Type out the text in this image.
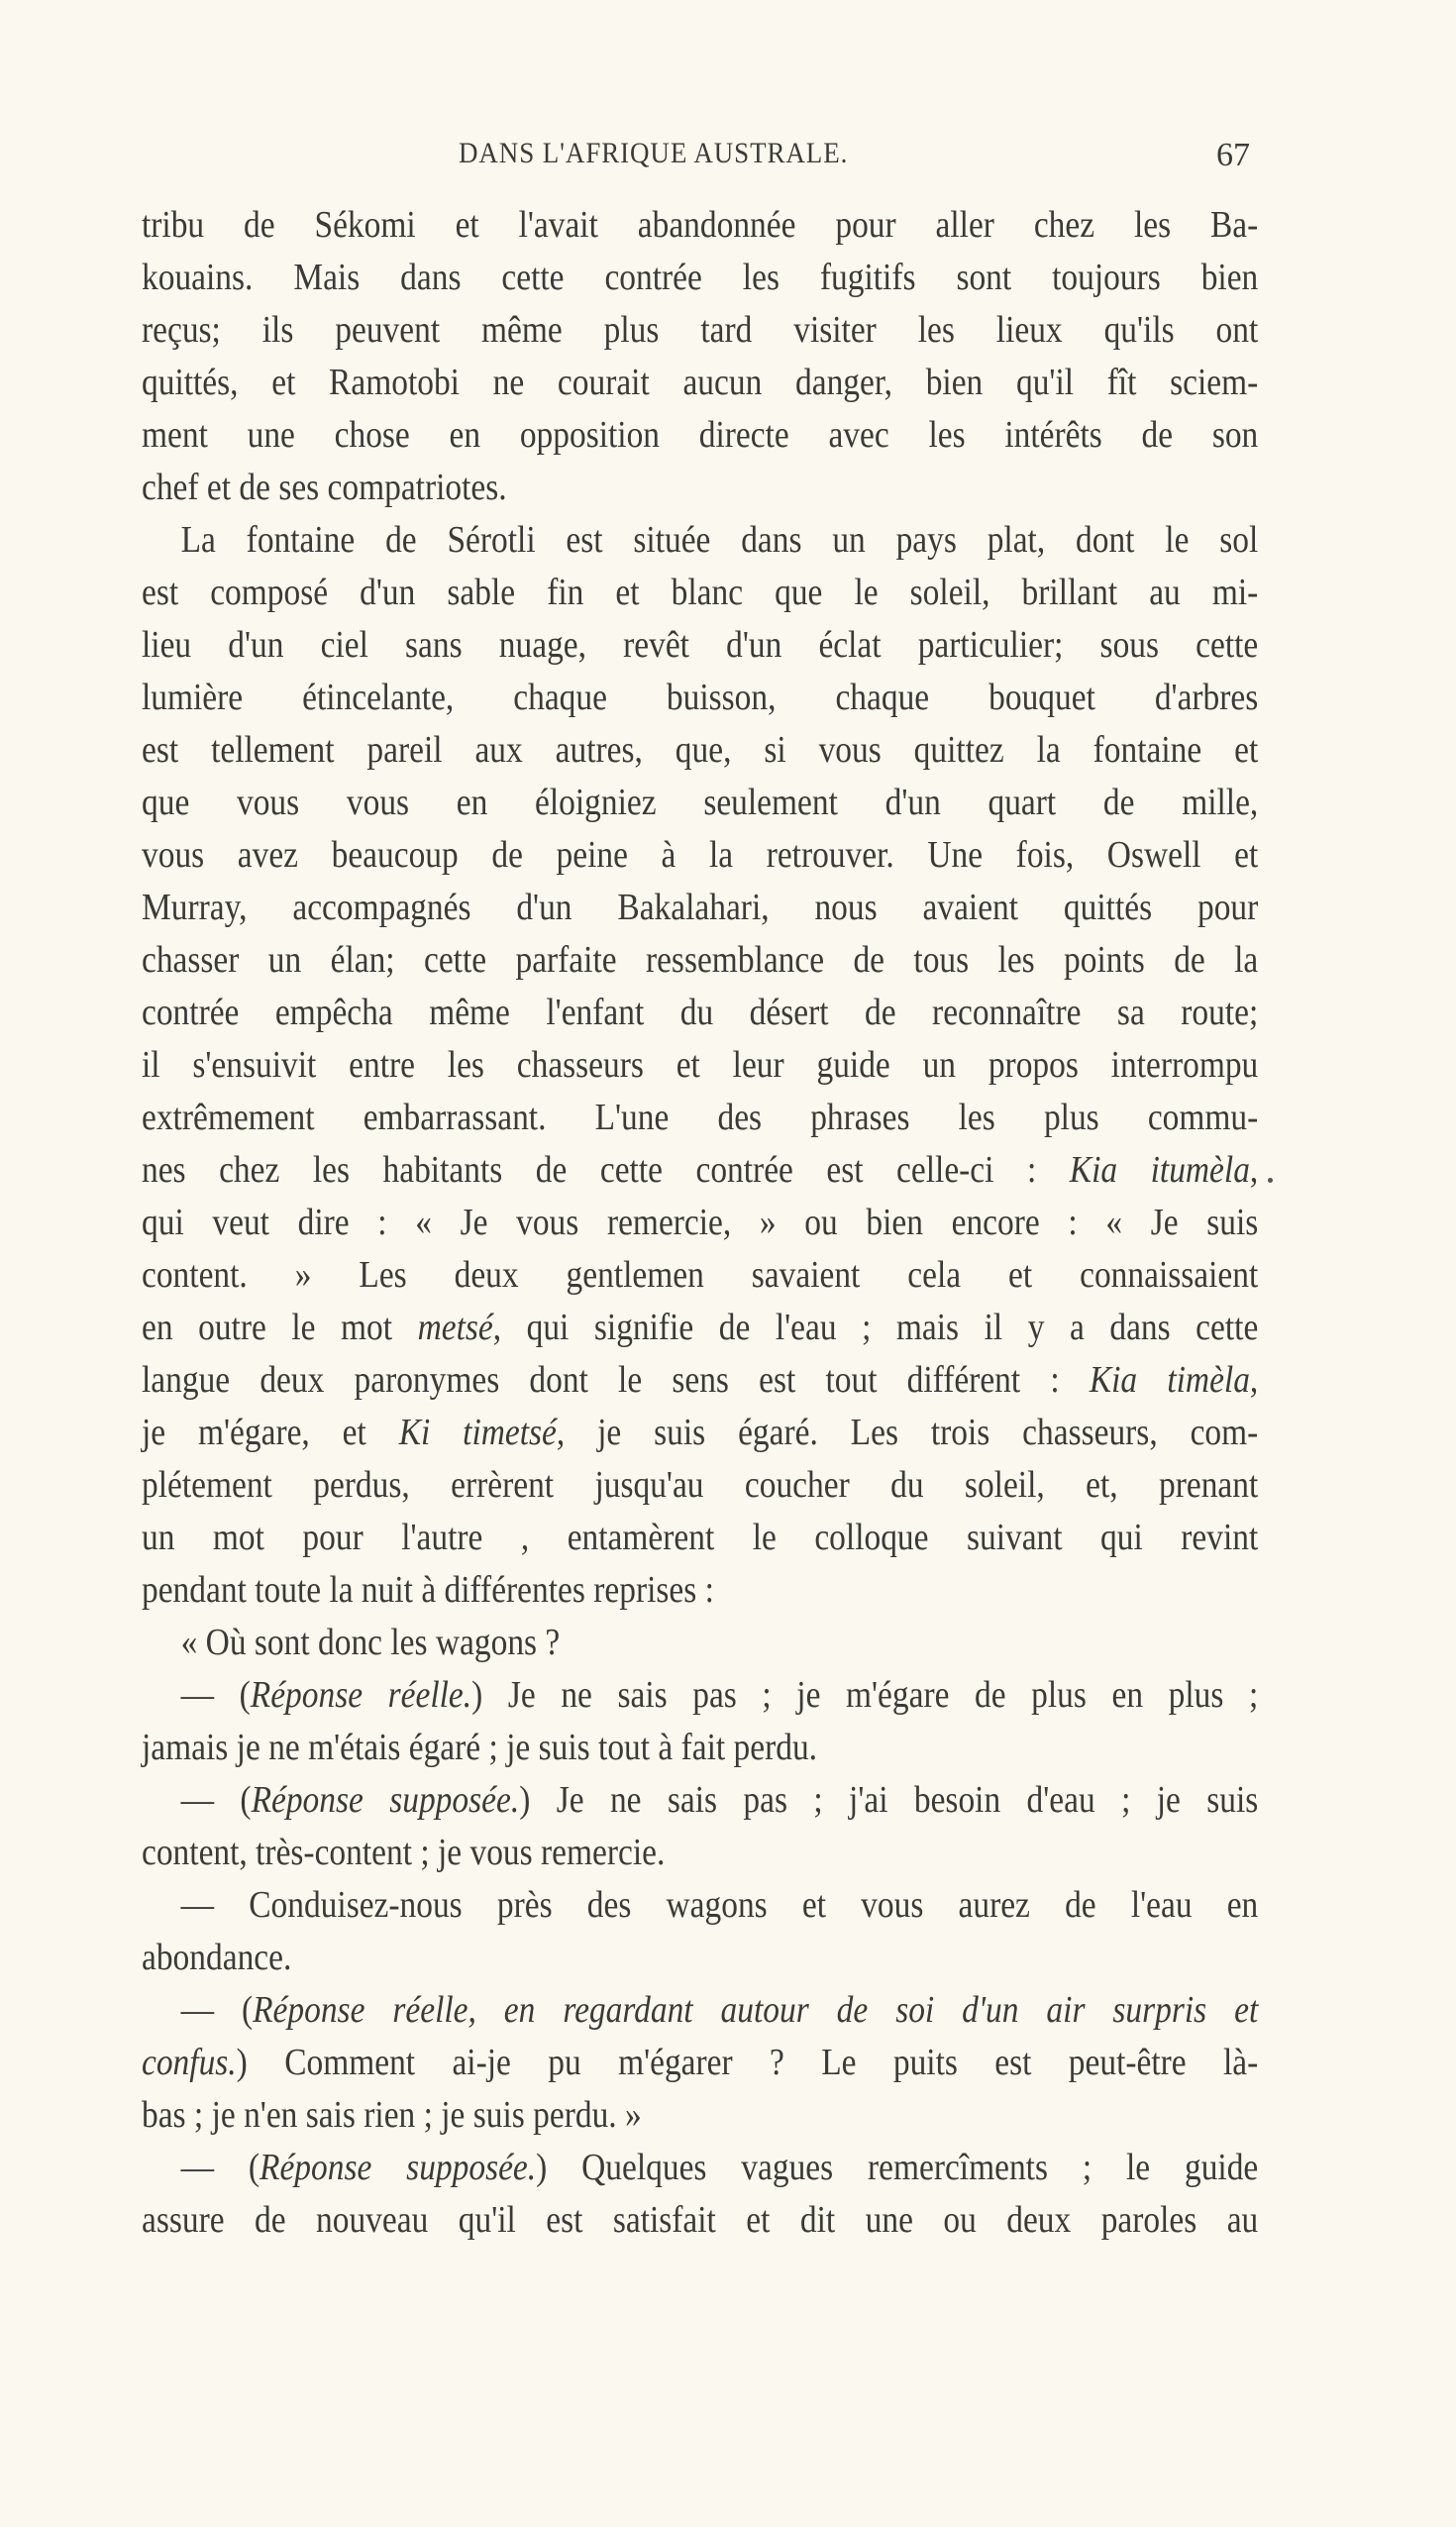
DANS L'AFRIQUE AUSTRALE.	67
tribu de Sékomi et l'avait abandonnée pour aller chez les Ba-
kouains. Mais dans cette contrée les fugitifs sont toujours bien
reçus; ils peuvent même plus tard visiter les lieux qu'ils ont
quittés, et Ramotobi ne courait aucun danger, bien qu'il fît sciem-
ment une chose en opposition directe avec les intérêts de son
chef et de ses compatriotes.
La fontaine de Sérotli est située dans un pays plat, dont le sol
est composé d'un sable fin et blanc que le soleil, brillant au mi-
lieu d'un ciel sans nuage, revêt d'un éclat particulier; sous cette
lumière étincelante, chaque buisson, chaque bouquet d'arbres
est tellement pareil aux autres, que, si vous quittez la fontaine et
que vous vous en éloigniez seulement d'un quart de mille,
vous avez beaucoup de peine à la retrouver. Une fois, Oswell et
Murray, accompagnés d'un Bakalahari, nous avaient quittés pour
chasser un élan; cette parfaite ressemblance de tous les points de la
contrée empêcha même l'enfant du désert de reconnaître sa route;
il s'ensuivit entre les chasseurs et leur guide un propos interrompu
extrêmement embarrassant. L'une des phrases les plus commu-
nes chez les habitants de cette contrée est celle-ci : Kia itumèla,
qui veut dire : « Je vous remercie, » ou bien encore : « Je suis
content. » Les deux gentlemen savaient cela et connaissaient
en outre le mot metsé, qui signifie de l'eau ; mais il y a dans cette
langue deux paronymes dont le sens est tout différent : Kia timèla,
je m'égare, et Ki timetsé, je suis égaré. Les trois chasseurs, com-
plétement perdus, errèrent jusqu'au coucher du soleil, et, prenant
un mot pour l'autre , entamèrent le colloque suivant qui revint
pendant toute la nuit à différentes reprises :
« Où sont donc les wagons ?
— (Réponse réelle.) Je ne sais pas ; je m'égare de plus en plus ;
jamais je ne m'étais égaré ; je suis tout à fait perdu.
— (Réponse supposée.) Je ne sais pas ; j'ai besoin d'eau ; je suis
content, très-content ; je vous remercie.
— Conduisez-nous près des wagons et vous aurez de l'eau en
abondance.
— (Réponse réelle, en regardant autour de soi d'un air surpris et
confus.) Comment ai-je pu m'égarer ? Le puits est peut-être là-
bas ; je n'en sais rien ; je suis perdu. »
— (Réponse supposée.) Quelques vagues remercîments ; le guide
assure de nouveau qu'il est satisfait et dit une ou deux paroles au
